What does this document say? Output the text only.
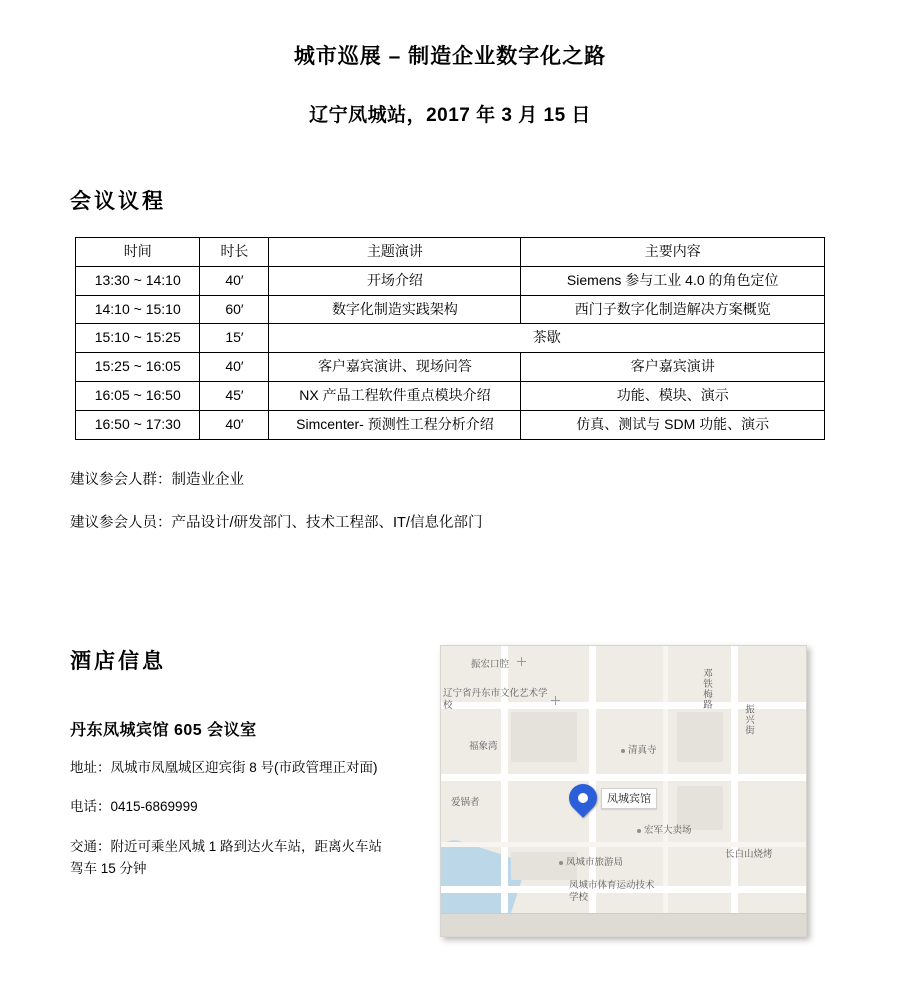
城市巡展 – 制造企业数字化之路
辽宁凤城站，2017 年 3 月 15 日
会议议程
时间	时长	主题演讲	主要内容
13:30 ~ 14:10	40′	开场介绍	Siemens 参与工业 4.0 的角色定位
14:10 ~ 15:10	60′	数字化制造实践架构	西门子数字化制造解决方案概览
15:10 ~ 15:25	15′	茶歇	
15:25 ~ 16:05	40′	客户嘉宾演讲、现场问答	客户嘉宾演讲
16:05 ~ 16:50	45′	NX 产品工程软件重点模块介绍	功能、模块、演示
16:50 ~ 17:30	40′	Simcenter- 预测性工程分析介绍	仿真、测试与 SDM 功能、演示
建议参会人群：制造业企业
建议参会人员：产品设计/研发部门、技术工程部、IT/信息化部门
酒店信息
丹东凤城宾馆 605 会议室
地址：凤城市凤凰城区迎宾街 8 号(市政管理正对面)
电话：0415-6869999
交通：附近可乘坐风城 1 路到达火车站，距离火车站驾车 15 分钟
振宏口腔
辽宁省丹东市文化艺术学校
福象湾
爱锅者
清真寺
宏军大卖场
凤城市旅游局
凤城市体育运动技术学校
邓铁梅路
振兴街
长白山烧烤
凤城宾馆
